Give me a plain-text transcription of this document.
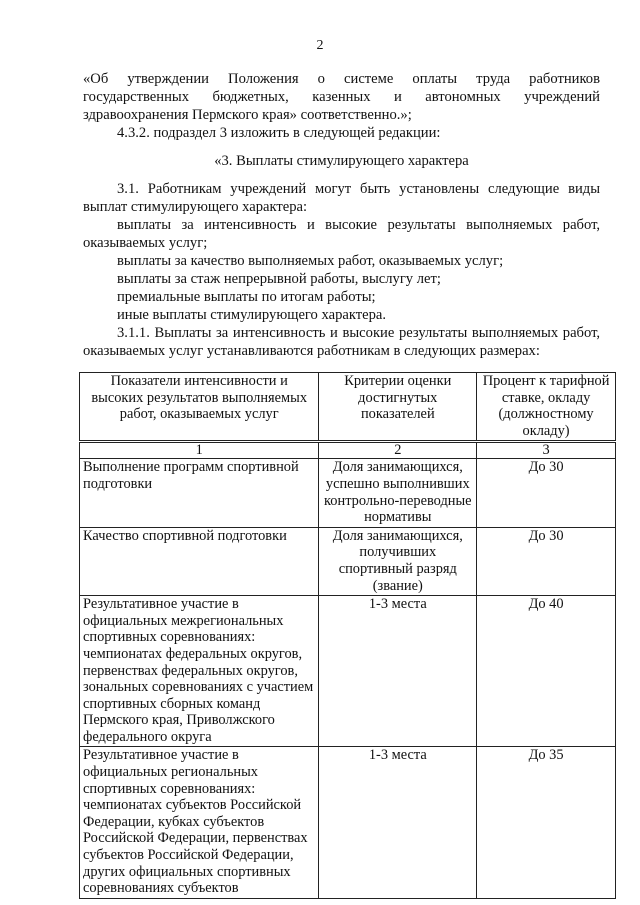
2

«Об утверждении Положения о системе оплаты труда работников государственных бюджетных, казенных и автономных учреждений здравоохранения Пермского края» соответственно.»;

4.3.2. подраздел 3 изложить в следующей редакции:

«3. Выплаты стимулирующего характера

3.1. Работникам учреждений могут быть установлены следующие виды выплат стимулирующего характера:

выплаты за интенсивность и высокие результаты выполняемых работ, оказываемых услуг;

выплаты за качество выполняемых работ, оказываемых услуг;

выплаты за стаж непрерывной работы, выслугу лет;

премиальные выплаты по итогам работы;

иные выплаты стимулирующего характера.

3.1.1. Выплаты за интенсивность и высокие результаты выполняемых работ, оказываемых услуг устанавливаются работникам в следующих размерах:

Показатели интенсивности и высоких результатов выполняемых работ, оказываемых услуг	Критерии оценки достигнутых показателей	Процент к тарифной ставке, окладу (должностному окладу)
1	2	3
Выполнение программ спортивной подготовки	Доля занимающихся, успешно выполнивших контрольно-переводные нормативы	До 30
Качество спортивной подготовки	Доля занимающихся, получивших спортивный разряд (звание)	До 30
Результативное участие в официальных межрегиональных спортивных соревнованиях: чемпионатах федеральных округов, первенствах федеральных округов, зональных соревнованиях с участием спортивных сборных команд Пермского края, Приволжского федерального округа	1-3 места	До 40
Результативное участие в официальных региональных спортивных соревнованиях: чемпионатах субъектов Российской Федерации, кубках субъектов Российской Федерации, первенствах субъектов Российской Федерации, других официальных спортивных соревнованиях субъектов	1-3 места	До 35
